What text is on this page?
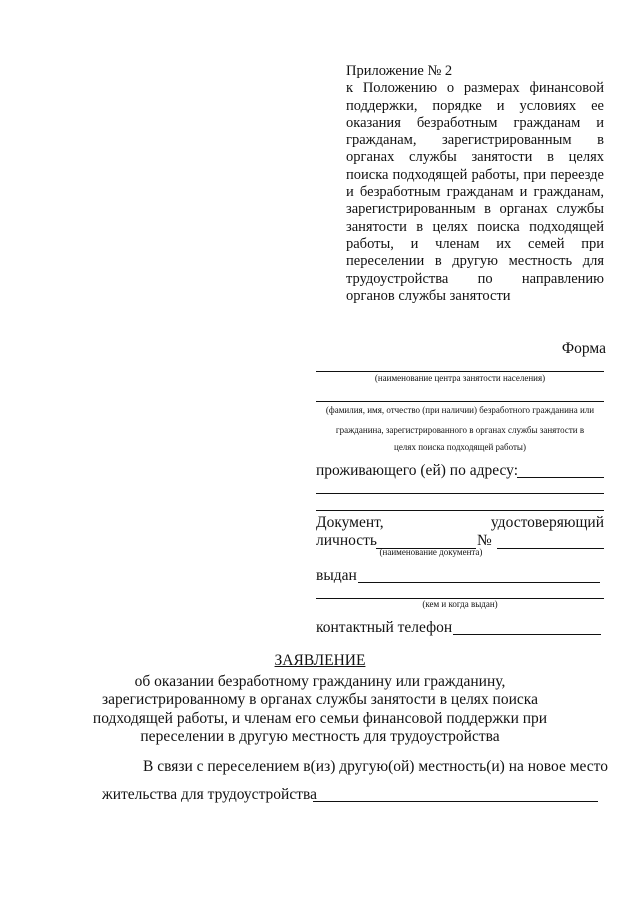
Приложение № 2
к Положению о размерах финансовой поддержки, порядке и условиях ее оказания безработным гражданам и гражданам, зарегистрированным в органах службы занятости в целях поиска подходящей работы, при переезде и безработным гражданам и гражданам, зарегистрированным в органах службы занятости в целях поиска подходящей работы, и членам их семей при переселении в другую местность для трудоустройства по направлению органов службы занятости
Форма
(наименование центра занятости населения)
(фамилия, имя, отчество (при наличии) безработного гражданина или
гражданина, зарегистрированного в органах службы занятости в
целях поиска подходящей работы)
проживающего (ей) по адресу:
Документ,	удостоверяющий
личность	№
(наименование документа)
выдан
(кем и когда выдан)
контактный телефон
ЗАЯВЛЕНИЕ
об оказании безработному гражданину или гражданину,
зарегистрированному в органах службы занятости в целях поиска
подходящей работы, и членам его семьи финансовой поддержки при
переселении в другую местность для трудоустройства
В связи с переселением в(из) другую(ой) местность(и) на новое место
жительства для трудоустройства
